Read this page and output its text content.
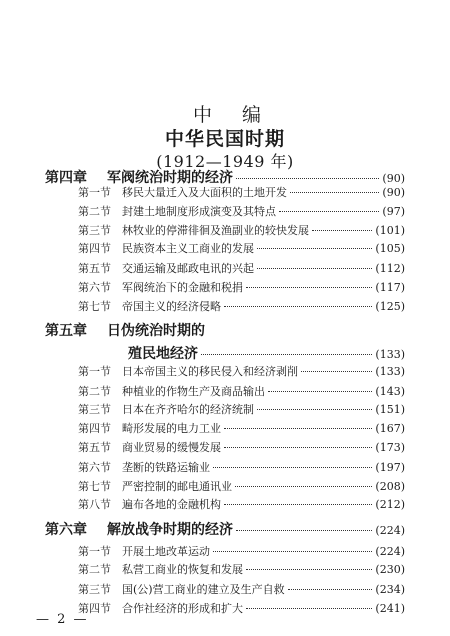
中 编
中华民国时期
(1912—1949 年)
第四章	军阀统治时期的经济	(90)
第一节	移民大量迁入及大面积的土地开发	(90)
第二节	封建土地制度形成演变及其特点	(97)
第三节	林牧业的停滞徘徊及渔副业的较快发展	(101)
第四节	民族资本主义工商业的发展	(105)
第五节	交通运输及邮政电讯的兴起	(112)
第六节	军阀统治下的金融和税捐	(117)
第七节	帝国主义的经济侵略	(125)
第五章	日伪统治时期的
殖民地经济	(133)
第一节	日本帝国主义的移民侵入和经济剥削	(133)
第二节	种植业的作物生产及商品输出	(143)
第三节	日本在齐齐哈尔的经济统制	(151)
第四节	畸形发展的电力工业	(167)
第五节	商业贸易的缓慢发展	(173)
第六节	垄断的铁路运输业	(197)
第七节	严密控制的邮电通讯业	(208)
第八节	遍布各地的金融机构	(212)
第六章	解放战争时期的经济	(224)
第一节	开展土地改革运动	(224)
第二节	私营工商业的恢复和发展	(230)
第三节	国(公)营工商业的建立及生产自救	(234)
第四节	合作社经济的形成和扩大	(241)
— 2 —
